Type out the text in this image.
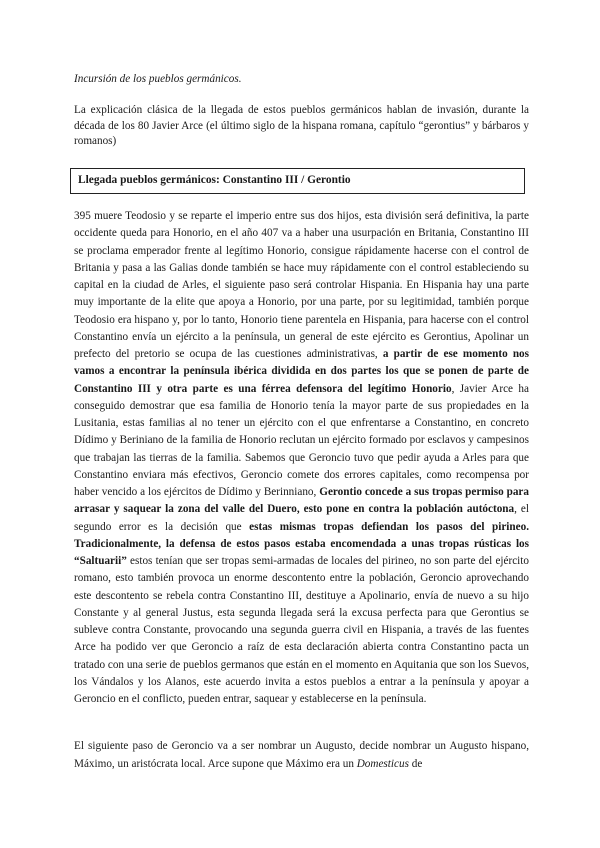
Incursión de los pueblos germánicos.
La explicación clásica de la llegada de estos pueblos germánicos hablan de invasión, durante la década de los 80 Javier Arce (el último siglo de la hispana romana, capítulo “gerontius” y bárbaros y romanos)
Llegada pueblos germánicos: Constantino III / Gerontio

395 muere Teodosio y se reparte el imperio entre sus dos hijos, esta división será definitiva, la parte occidente queda para Honorio, en el año 407 va a haber una usurpación en Britania, Constantino III se proclama emperador frente al legítimo Honorio, consigue rápidamente hacerse con el control de Britania y pasa a las Galias donde también se hace muy rápidamente con el control estableciendo su capital en la ciudad de Arles, el siguiente paso será controlar Hispania. En Hispania hay una parte muy importante de la elite que apoya a Honorio, por una parte, por su legitimidad, también porque Teodosio era hispano y, por lo tanto, Honorio tiene parentela en Hispania, para hacerse con el control Constantino envía un ejército a la península, un general de este ejército es Gerontius, Apolinar un prefecto del pretorio se ocupa de las cuestiones administrativas, a partir de ese momento nos vamos a encontrar la península ibérica dividida en dos partes los que se ponen de parte de Constantino III y otra parte es una férrea defensora del legítimo Honorio, Javier Arce ha conseguido demostrar que esa familia de Honorio tenía la mayor parte de sus propiedades en la Lusitania, estas familias al no tener un ejército con el que enfrentarse a Constantino, en concreto Dídimo y Beriniano de la familia de Honorio reclutan un ejército formado por esclavos y campesinos que trabajan las tierras de la familia. Sabemos que Geroncio tuvo que pedir ayuda a Arles para que Constantino enviara más efectivos, Geroncio comete dos errores capitales, como recompensa por haber vencido a los ejércitos de Dídimo y Berinniano, Gerontio concede a sus tropas permiso para arrasar y saquear la zona del valle del Duero, esto pone en contra la población autóctona, el segundo error es la decisión que estas mismas tropas defiendan los pasos del pirineo. Tradicionalmente, la defensa de estos pasos estaba encomendada a unas tropas rústicas los “Saltuarii” estos tenían que ser tropas semi-armadas de locales del pirineo, no son parte del ejército romano, esto también provoca un enorme descontento entre la población, Geroncio aprovechando este descontento se rebela contra Constantino III, destituye a Apolinario, envía de nuevo a su hijo Constante y al general Justus, esta segunda llegada será la excusa perfecta para que Gerontius se subleve contra Constante, provocando una segunda guerra civil en Hispania, a través de las fuentes Arce ha podido ver que Geroncio a raíz de esta declaración abierta contra Constantino pacta un tratado con una serie de pueblos germanos que están en el momento en Aquitania que son los Suevos, los Vándalos y los Alanos, este acuerdo invita a estos pueblos a entrar a la península y apoyar a Geroncio en el conflicto, pueden entrar, saquear y establecerse en la península.

El siguiente paso de Geroncio va a ser nombrar un Augusto, decide nombrar un Augusto hispano, Máximo, un aristócrata local. Arce supone que Máximo era un Domesticus de
